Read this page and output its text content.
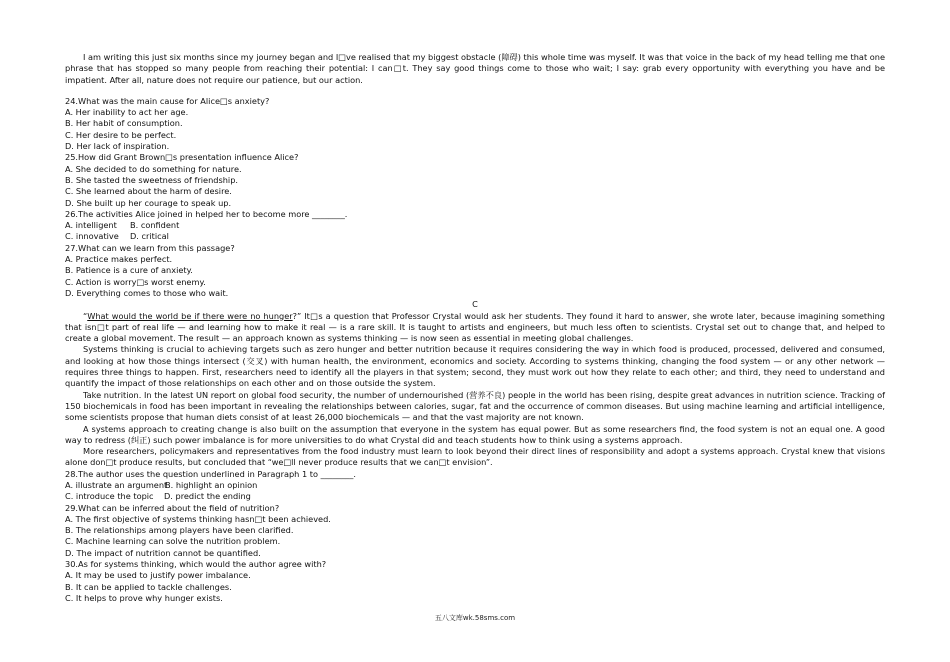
I am writing this just six months since my journey began and I□ve realised that my biggest obstacle (障碍) this whole time was myself. It was that voice in the back of my head telling me that one phrase that has stopped so many people from reaching their potential: I can□t. They say good things come to those who wait; I say: grab every opportunity with everything you have and be impatient. After all, nature does not require our patience, but our action.

24.What was the main cause for Alice□s anxiety?

A. Her inability to act her age.

B. Her habit of consumption.

C. Her desire to be perfect.

D. Her lack of inspiration.

25.How did Grant Brown□s presentation influence Alice?

A. She decided to do something for nature.

B. She tasted the sweetness of friendship.

C. She learned about the harm of desire.

D. She built up her courage to speak up.

26.The activities Alice joined in helped her to become more ________.

A. intelligent B. confident

C. innovative D. critical

27.What can we learn from this passage?

A. Practice makes perfect.

B. Patience is a cure of anxiety.

C. Action is worry□s worst enemy.

D. Everything comes to those who wait.

C

“What would the world be if there were no hunger?” It□s a question that Professor Crystal would ask her students. They found it hard to answer, she wrote later, because imagining something that isn□t part of real life — and learning how to make it real — is a rare skill. It is taught to artists and engineers, but much less often to scientists. Crystal set out to change that, and helped to create a global movement. The result — an approach known as systems thinking — is now seen as essential in meeting global challenges.

Systems thinking is crucial to achieving targets such as zero hunger and better nutrition because it requires considering the way in which food is produced, processed, delivered and consumed, and looking at how those things intersect (交叉) with human health, the environment, economics and society. According to systems thinking, changing the food system — or any other network — requires three things to happen. First, researchers need to identify all the players in that system; second, they must work out how they relate to each other; and third, they need to understand and quantify the impact of those relationships on each other and on those outside the system.

Take nutrition. In the latest UN report on global food security, the number of undernourished (营养不良) people in the world has been rising, despite great advances in nutrition science. Tracking of 150 biochemicals in food has been important in revealing the relationships between calories, sugar, fat and the occurrence of common diseases. But using machine learning and artificial intelligence, some scientists propose that human diets consist of at least 26,000 biochemicals — and that the vast majority are not known.

A systems approach to creating change is also built on the assumption that everyone in the system has equal power. But as some researchers find, the food system is not an equal one. A good way to redress (纠正) such power imbalance is for more universities to do what Crystal did and teach students how to think using a systems approach.

More researchers, policymakers and representatives from the food industry must learn to look beyond their direct lines of responsibility and adopt a systems approach. Crystal knew that visions alone don□t produce results, but concluded that “we□ll never produce results that we can□t envision”.

28.The author uses the question underlined in Paragraph 1 to ________.

A. illustrate an argumentB. highlight an opinion

C. introduce the topic D. predict the ending

29.What can be inferred about the field of nutrition?

A. The first objective of systems thinking hasn□t been achieved.

B. The relationships among players have been clarified.

C. Machine learning can solve the nutrition problem.

D. The impact of nutrition cannot be quantified.

30.As for systems thinking, which would the author agree with?

A. It may be used to justify power imbalance.

B. It can be applied to tackle challenges.

C. It helps to prove why hunger exists.

五八文库wk.58sms.com
